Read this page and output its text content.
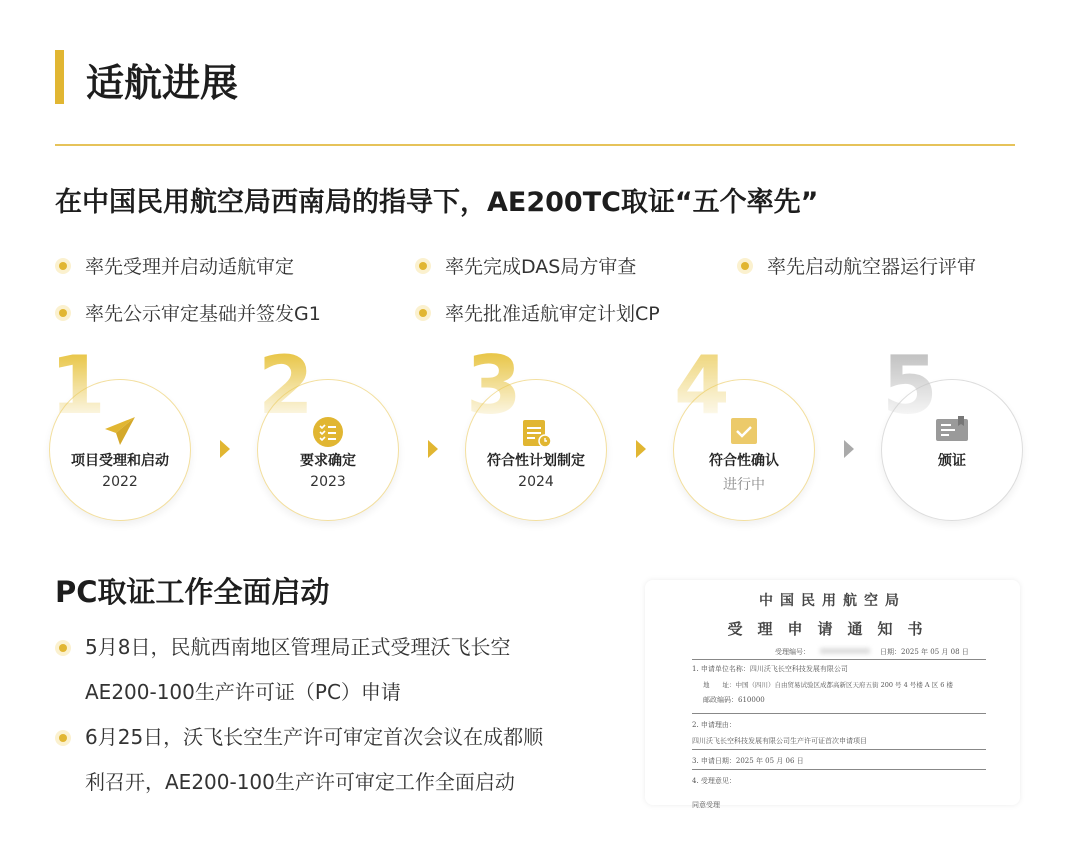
适航进展
在中国民用航空局西南局的指导下，AE200TC取证“五个率先”
率先受理并启动适航审定	率先完成DAS局方审查	率先启动航空器运行评审
率先公示审定基础并签发G1	率先批准适航审定计划CP
项目受理和启动
2022
1
要求确定
2023
2
符合性计划制定
2024
3
符合性确认
进行中
4
颁证
5
PC取证工作全面启动
5月8日，民航西南地区管理局正式受理沃飞长空
AE200-100生产许可证（PC）申请
6月25日，沃飞长空生产许可审定首次会议在成都顺
利召开，AE200-100生产许可审定工作全面启动
中国民用航空局
受理申请通知书
受理编号：	日期：2025 年 05 月 08 日
1. 申请单位名称：四川沃飞长空科技发展有限公司
地　　址：中国（四川）自由贸易试验区成都高新区天府五街 200 号 4 号楼 A 区 6 楼
邮政编码：610000
2. 申请理由：
四川沃飞长空科技发展有限公司生产许可证首次申请项目
3. 申请日期：2025 年 05 月 06 日
4. 受理意见：
同意受理
